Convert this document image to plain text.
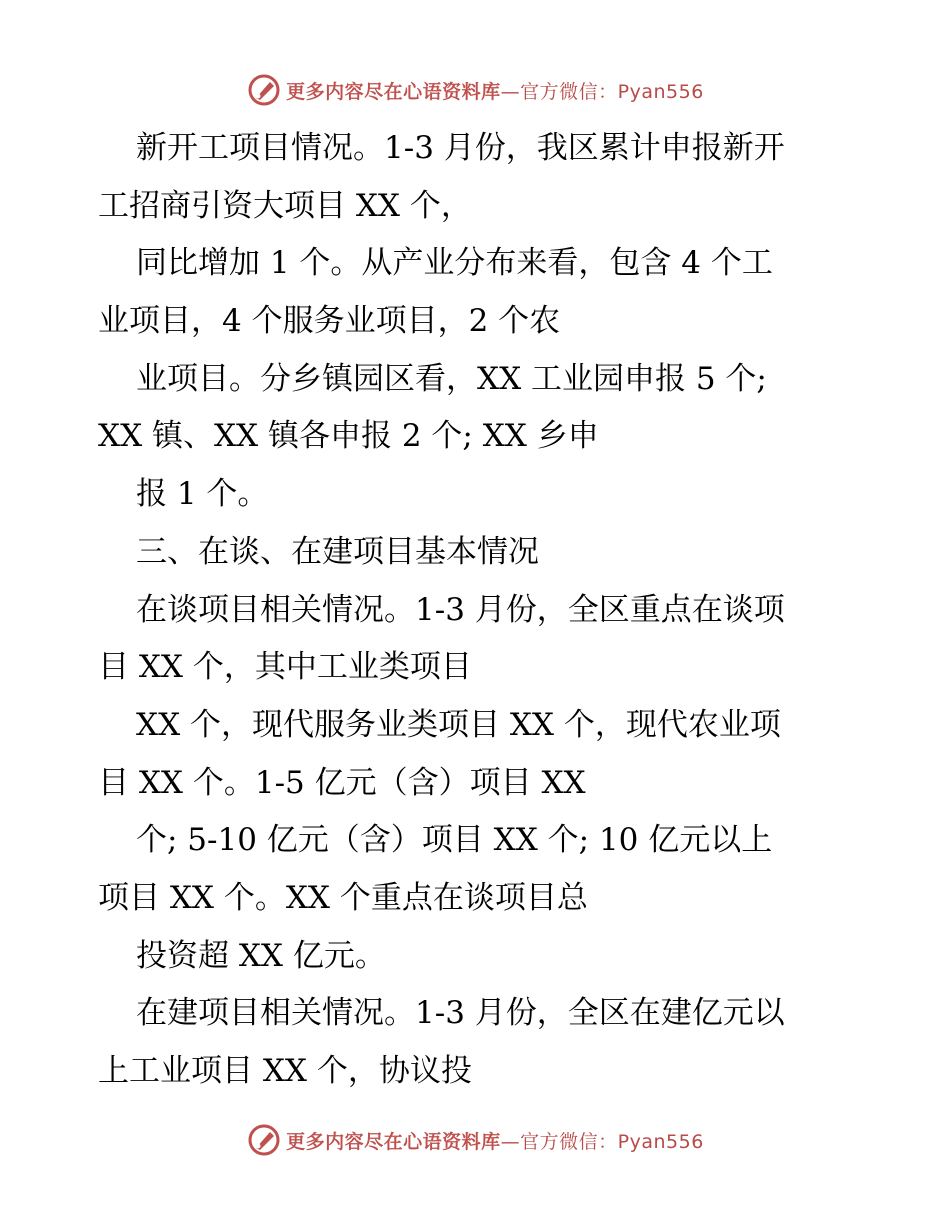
更多内容尽在心语资料库—官方微信：Pyan556
新开工项目情况。1-3 月份，我区累计申报新开
工招商引资大项目 XX 个，
同比增加 1 个。从产业分布来看，包含 4 个工
业项目，4 个服务业项目，2 个农
业项目。分乡镇园区看，XX 工业园申报 5 个;
XX 镇、XX 镇各申报 2 个; XX 乡申
报 1 个。
三、在谈、在建项目基本情况
在谈项目相关情况。1-3 月份，全区重点在谈项
目 XX 个，其中工业类项目
XX 个，现代服务业类项目 XX 个，现代农业项
目 XX 个。1-5 亿元（含）项目 XX
个; 5-10 亿元（含）项目 XX 个; 10 亿元以上
项目 XX 个。XX 个重点在谈项目总
投资超 XX 亿元。
在建项目相关情况。1-3 月份，全区在建亿元以
上工业项目 XX 个，协议投
更多内容尽在心语资料库—官方微信：Pyan556
